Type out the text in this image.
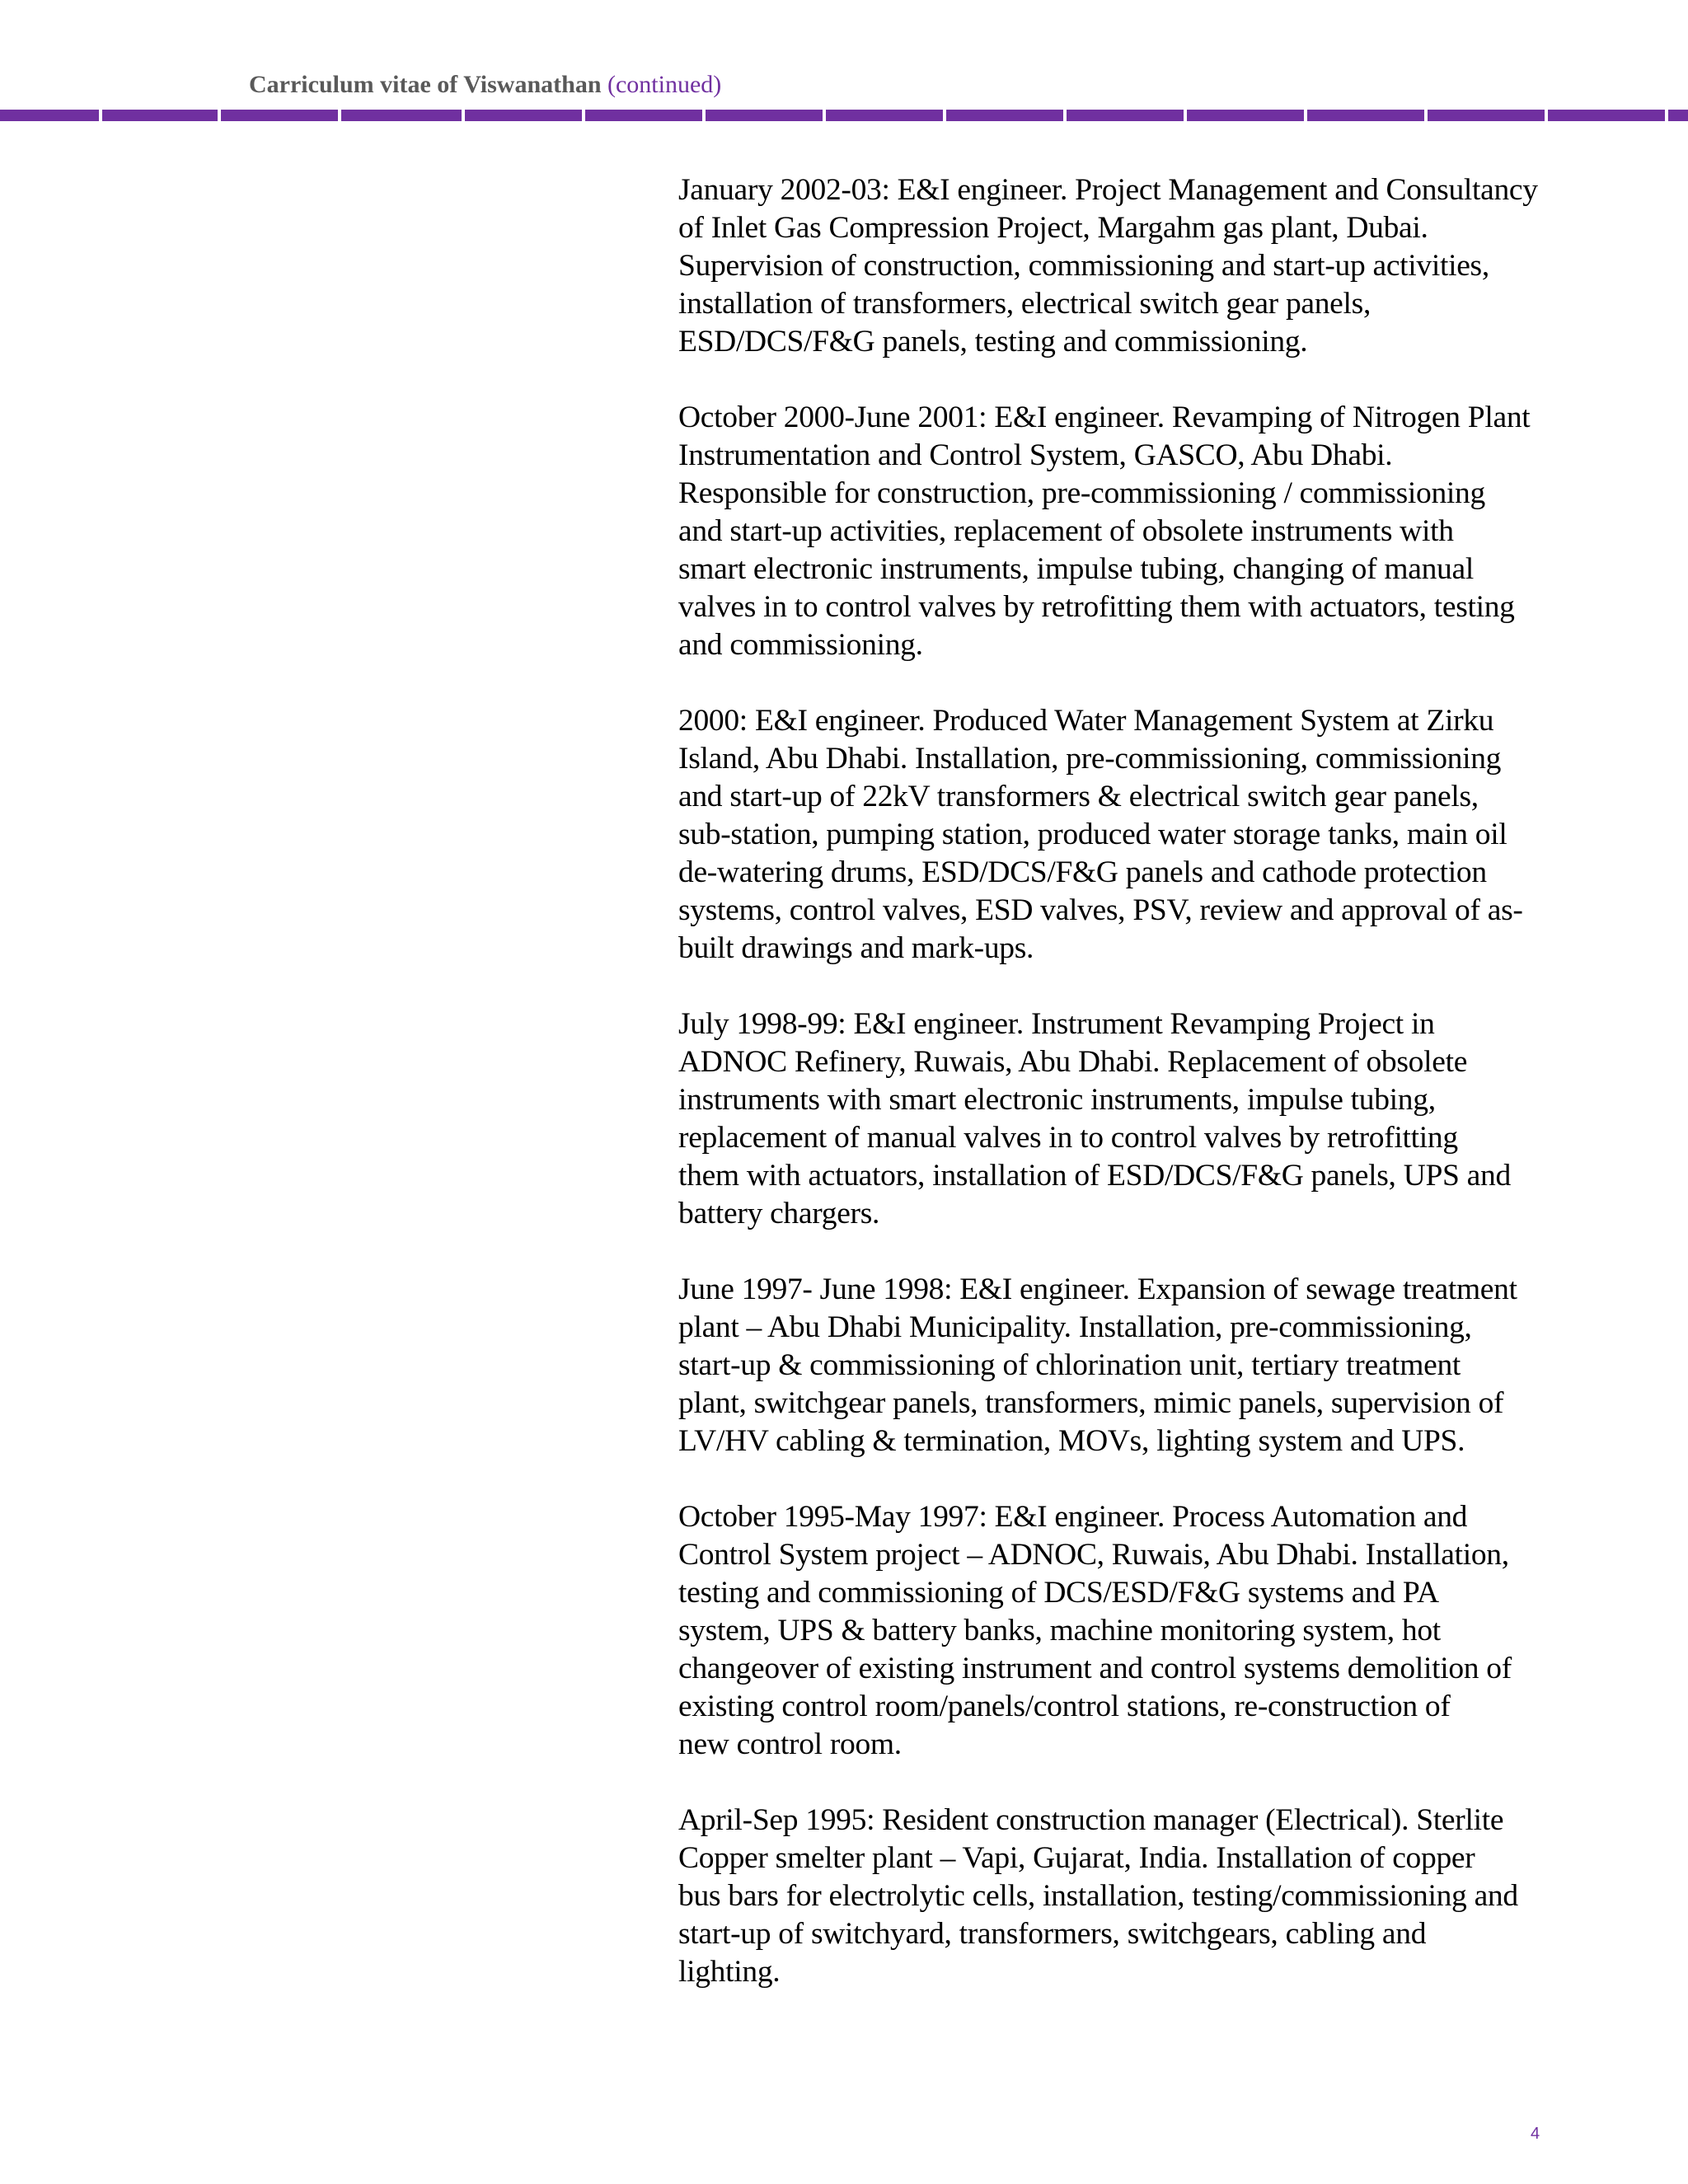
Carriculum vitae of Viswanathan (continued)

January 2002-03: E&I engineer. Project Management and Consultancy
of Inlet Gas Compression Project, Margahm gas plant, Dubai.
Supervision of construction, commissioning and start-up activities,
installation of transformers, electrical switch gear panels,
ESD/DCS/F&G panels, testing and commissioning.

October 2000-June 2001: E&I engineer. Revamping of Nitrogen Plant
Instrumentation and Control System, GASCO, Abu Dhabi.
Responsible for construction, pre-commissioning / commissioning
and start-up activities, replacement of obsolete instruments with
smart electronic instruments, impulse tubing, changing of manual
valves in to control valves by retrofitting them with actuators, testing
and commissioning.

2000: E&I engineer. Produced Water Management System at Zirku
Island, Abu Dhabi. Installation, pre-commissioning, commissioning
and start-up of 22kV transformers & electrical switch gear panels,
sub-station, pumping station, produced water storage tanks, main oil
de-watering drums, ESD/DCS/F&G panels and cathode protection
systems, control valves, ESD valves, PSV, review and approval of as-
built drawings and mark-ups.

July 1998-99: E&I engineer. Instrument Revamping Project in
ADNOC Refinery, Ruwais, Abu Dhabi. Replacement of obsolete
instruments with smart electronic instruments, impulse tubing,
replacement of manual valves in to control valves by retrofitting
them with actuators, installation of ESD/DCS/F&G panels, UPS and
battery chargers.

June 1997- June 1998: E&I engineer. Expansion of sewage treatment
plant – Abu Dhabi Municipality. Installation, pre-commissioning,
start-up & commissioning of chlorination unit, tertiary treatment
plant, switchgear panels, transformers, mimic panels, supervision of
LV/HV cabling & termination, MOVs, lighting system and UPS.

October 1995-May 1997: E&I engineer. Process Automation and
Control System project – ADNOC, Ruwais, Abu Dhabi. Installation,
testing and commissioning of DCS/ESD/F&G systems and PA
system, UPS & battery banks, machine monitoring system, hot
changeover of existing instrument and control systems demolition of
existing control room/panels/control stations, re-construction of
new control room.

April-Sep 1995: Resident construction manager (Electrical). Sterlite
Copper smelter plant – Vapi, Gujarat, India. Installation of copper
bus bars for electrolytic cells, installation, testing/commissioning and
start-up of switchyard, transformers, switchgears, cabling and
lighting.

4
